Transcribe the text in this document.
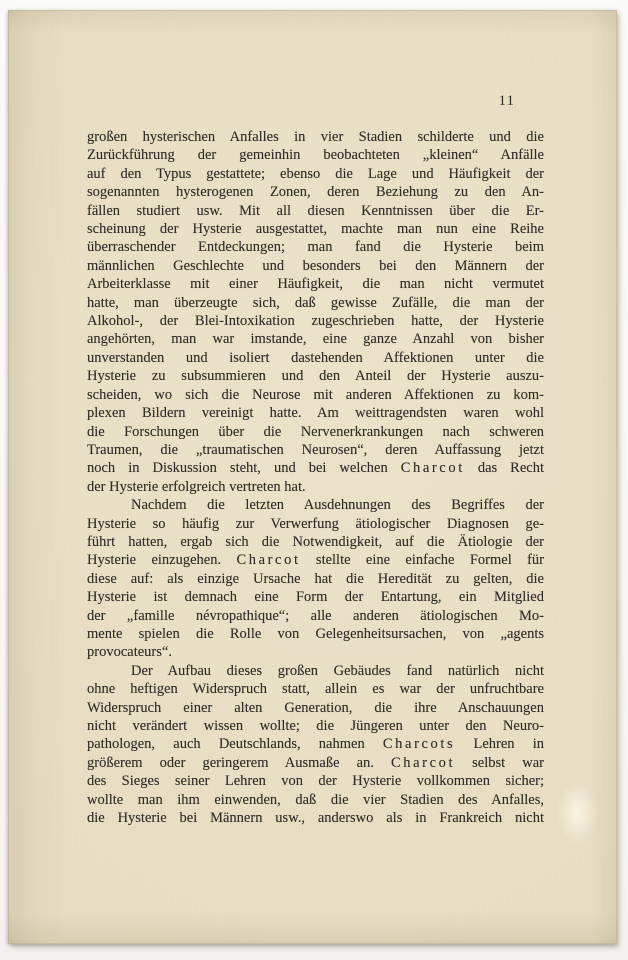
11
großen hysterischen Anfalles in vier Stadien schilderte und die
Zurückführung der gemeinhin beobachteten „kleinen“ Anfälle
auf den Typus gestattete; ebenso die Lage und Häufigkeit der
sogenannten hysterogenen Zonen, deren Beziehung zu den An-
fällen studiert usw. Mit all diesen Kenntnissen über die Er-
scheinung der Hysterie ausgestattet, machte man nun eine Reihe
überraschender Entdeckungen; man fand die Hysterie beim
männlichen Geschlechte und besonders bei den Männern der
Arbeiterklasse mit einer Häufigkeit, die man nicht vermutet
hatte, man überzeugte sich, daß gewisse Zufälle, die man der
Alkohol-, der Blei-Intoxikation zugeschrieben hatte, der Hysterie
angehörten, man war imstande, eine ganze Anzahl von bisher
unverstanden und isoliert dastehenden Affektionen unter die
Hysterie zu subsummieren und den Anteil der Hysterie auszu-
scheiden, wo sich die Neurose mit anderen Affektionen zu kom-
plexen Bildern vereinigt hatte. Am weittragendsten waren wohl
die Forschungen über die Nervenerkrankungen nach schweren
Traumen, die „traumatischen Neurosen“, deren Auffassung jetzt
noch in Diskussion steht, und bei welchen Charcot das Recht
der Hysterie erfolgreich vertreten hat.
Nachdem die letzten Ausdehnungen des Begriffes der
Hysterie so häufig zur Verwerfung ätiologischer Diagnosen ge-
führt hatten, ergab sich die Notwendigkeit, auf die Ätiologie der
Hysterie einzugehen. Charcot stellte eine einfache Formel für
diese auf: als einzige Ursache hat die Heredität zu gelten, die
Hysterie ist demnach eine Form der Entartung, ein Mitglied
der „famille névropathique“; alle anderen ätiologischen Mo-
mente spielen die Rolle von Gelegenheitsursachen, von „agents
provocateurs“.
Der Aufbau dieses großen Gebäudes fand natürlich nicht
ohne heftigen Widerspruch statt, allein es war der unfruchtbare
Widerspruch einer alten Generation, die ihre Anschauungen
nicht verändert wissen wollte; die Jüngeren unter den Neuro-
pathologen, auch Deutschlands, nahmen Charcots Lehren in
größerem oder geringerem Ausmaße an. Charcot selbst war
des Sieges seiner Lehren von der Hysterie vollkommen sicher;
wollte man ihm einwenden, daß die vier Stadien des Anfalles,
die Hysterie bei Männern usw., anderswo als in Frankreich nicht
